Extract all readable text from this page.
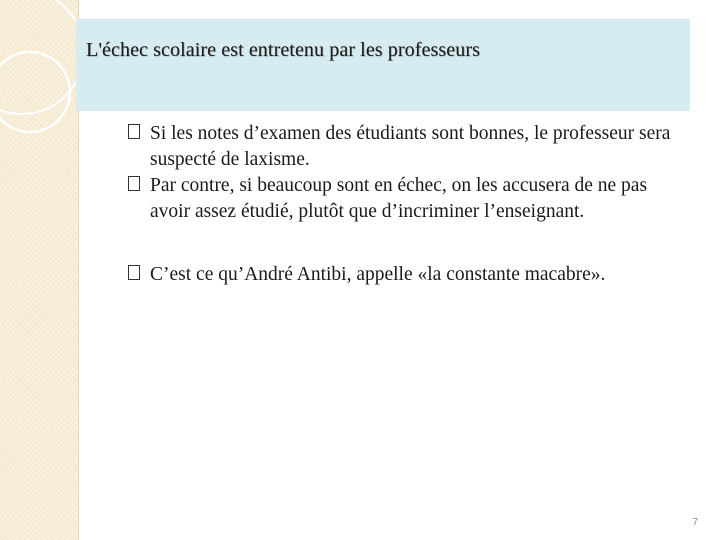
L'échec scolaire est entretenu par les professeurs

Si les notes d’examen des étudiants sont bonnes, le professeur sera suspecté de laxisme.

Par contre, si beaucoup sont en échec, on les accusera de ne pas avoir assez étudié, plutôt que d’incriminer l’enseignant.

C’est ce qu’André Antibi, appelle «la constante macabre».

7
